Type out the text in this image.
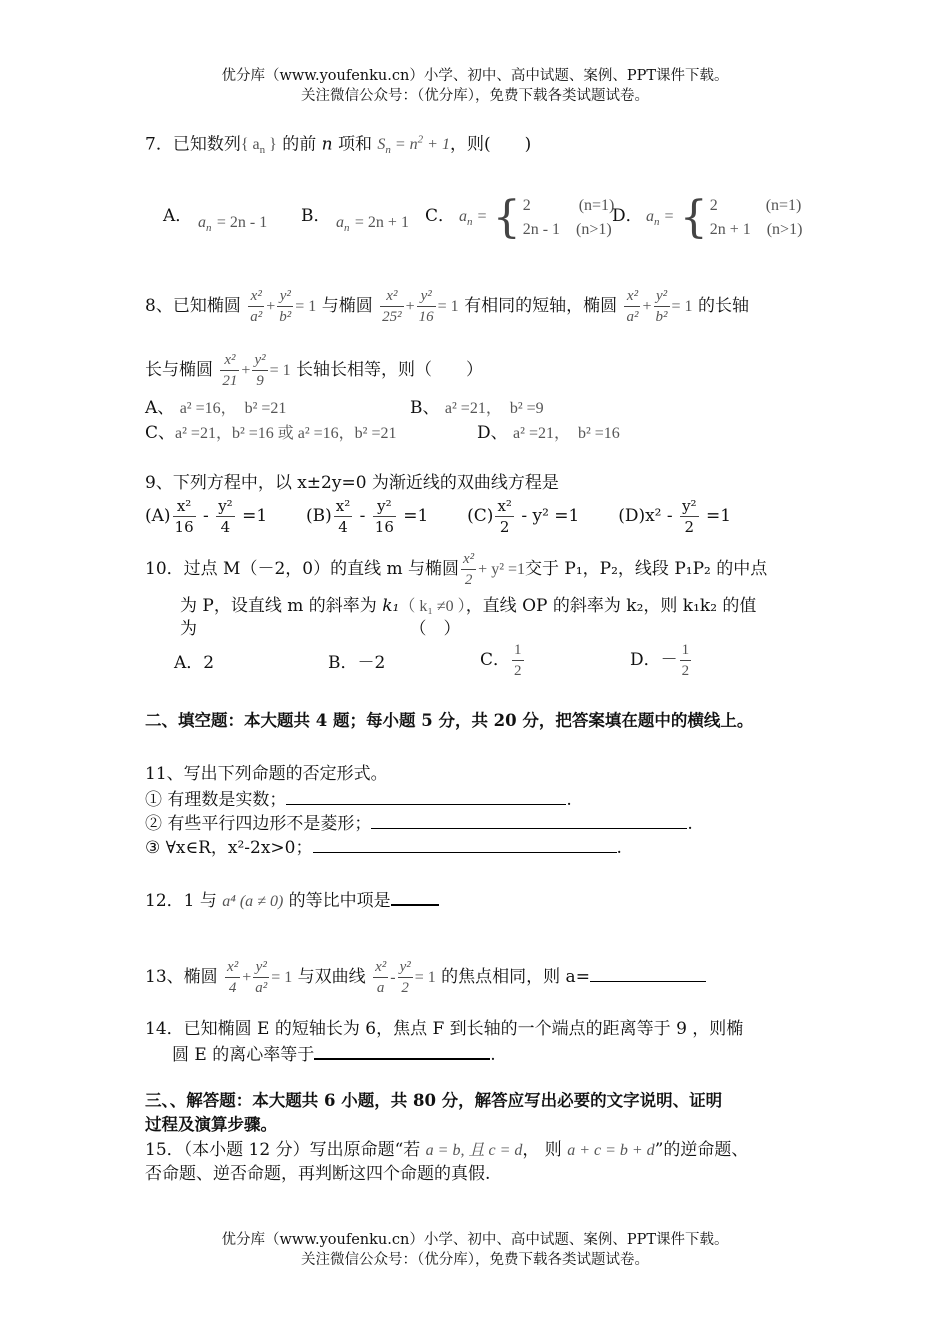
优分库（www.youfenku.cn）小学、初中、高中试题、案例、PPT课件下载。
关注微信公众号：（优分库），免费下载各类试题试卷。
7．已知数列{ $a_n$ } 的前 n 项和 $S_n = n^2 + 1$，则(　　)
A． $a_n = 2n - 1$ B． $a_n = 2n + 1$ C． $a_n$ = { 2　　　(n=1)
2n - 1　(n>1)
D． $a_n$ = { 2　　　(n=1)
2n + 1　(n>1)
8、已知椭圆 $\frac{\text{x²}}{\text{a²}} + \frac{\text{y²}}{\text{b²}} = 1$ 与椭圆 $\frac{\text{x²}}{\text{25²}} + \frac{\text{y²}}{16} = 1$ 有相同的短轴，椭圆 $\frac{\text{x²}}{\text{a²}} + \frac{\text{y²}}{\text{b²}} = 1$ 的长轴
长与椭圆 $\frac{\text{x²}}{21} + \frac{\text{y²}}{9} = 1$ 长轴长相等，则（　　）
A、 a² =16，　b² =21	B、 a² =21，　b² =9
C、a² =21，b² =16 或 a² =16，b² =21	D、 a² =21，　b² =16
9、下列方程中，以 x±2y=0 为渐近线的双曲线方程是
$(A) \frac{\text{x²}}{16} - \frac{\text{y²}}{4} =1$ $(B) \frac{\text{x²}}{4} - \frac{\text{y²}}{16} =1$ $(C) \frac{\text{x²}}{2} - y^2 =1$ $(D)x^2 - \frac{\text{y²}}{2} =1$
10．过点 M（－2，0）的直线 m 与椭圆 $\frac{\text{x²}}{2} + y^2 =1$交于 P₁，P₂，线段 P₁P₂ 的中点
为 P，设直线 m 的斜率为 k₁（ k₁ ≠0 ），直线 OP 的斜率为 k₂，则 k₁k₂ 的值
为　　　　　　　　　　　　　（　）
A．2	B．－2	C． $\frac{1}{2}$	D．－ $\frac{1}{2}$
二、填空题：本大题共 4 题；每小题 5 分，共 20 分，把答案填在题中的横线上。
11、写出下列命题的否定形式。
① 有理数是实数；	.
② 有些平行四边形不是菱形；	.
③ ∀x∈R，x²-2x>0；	.
12．1 与 a⁴ (a ≠ 0) 的等比中项是
13、椭圆 $\frac{\text{x²}}{4} + \frac{\text{y²}}{\text{a²}} = 1$ 与双曲线 $\frac{\text{x²}}{a} - \frac{\text{y²}}{2} = 1$ 的焦点相同，则 a=
14．已知椭圆 E 的短轴长为 6，焦点 F 到长轴的一个端点的距离等于 9 ，则椭
圆 E 的离心率等于	.
三、、解答题：本大题共 6 小题，共 80 分，解答应写出必要的文字说明、证明
过程及演算步骤。
15．（本小题 12 分）写出原命题“若 a = b, 且 c = d， 则 a + c = b + d”的逆命题、
否命题、逆否命题，再判断这四个命题的真假.
优分库（www.youfenku.cn）小学、初中、高中试题、案例、PPT课件下载。
关注微信公众号：（优分库），免费下载各类试题试卷。
